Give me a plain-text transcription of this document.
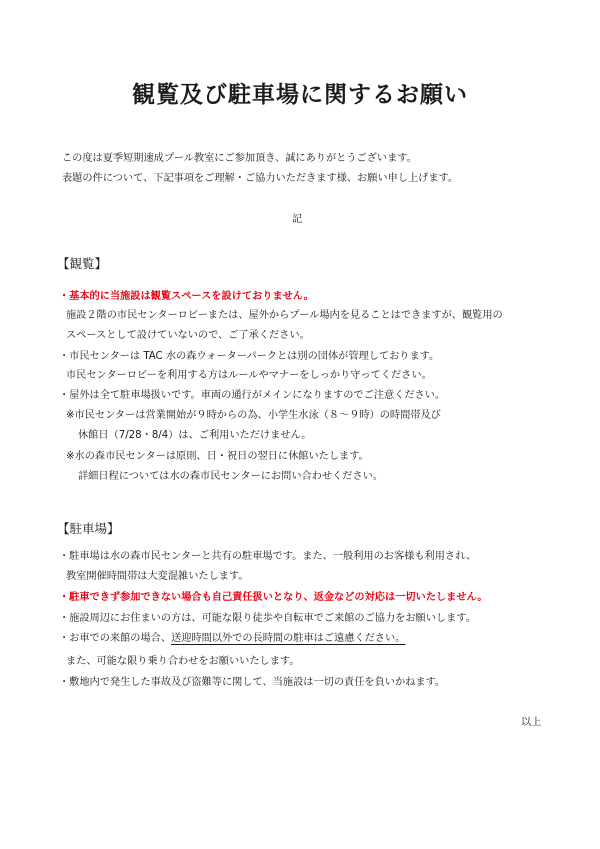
観覧及び駐車場に関するお願い
この度は夏季短期速成プール教室にご参加頂き、誠にありがとうございます。
表題の件について、下記事項をご理解・ご協力いただきます様、お願い申し上げます。
記
【観覧】
・基本的に当施設は観覧スペースを設けておりません。
施設２階の市民センターロビーまたは、屋外からプール場内を見ることはできますが、観覧用の
スペースとして設けていないので、ご了承ください。
・市民センターは TAC 水の森ウォーターパークとは別の団体が管理しております。
市民センターロビーを利用する方はルールやマナーをしっかり守ってください。
・屋外は全て駐車場扱いです。車両の通行がメインになりますのでご注意ください。
※市民センターは営業開始が９時からの為、小学生水泳（８～９時）の時間帯及び
休館日（7/28・8/4）は、ご利用いただけません。
※水の森市民センターは原則、日・祝日の翌日に休館いたします。
詳細日程については水の森市民センターにお問い合わせください。
【駐車場】
・駐車場は水の森市民センターと共有の駐車場です。また、一般利用のお客様も利用され、
教室開催時間帯は大変混雑いたします。
・駐車できず参加できない場合も自己責任扱いとなり、返金などの対応は一切いたしません。
・施設周辺にお住まいの方は、可能な限り徒歩や自転車でご来館のご協力をお願いします。
・お車での来館の場合、送迎時間以外での長時間の駐車はご遠慮ください。
また、可能な限り乗り合わせをお願いいたします。
・敷地内で発生した事故及び盗難等に関して、当施設は一切の責任を負いかねます。
以上
